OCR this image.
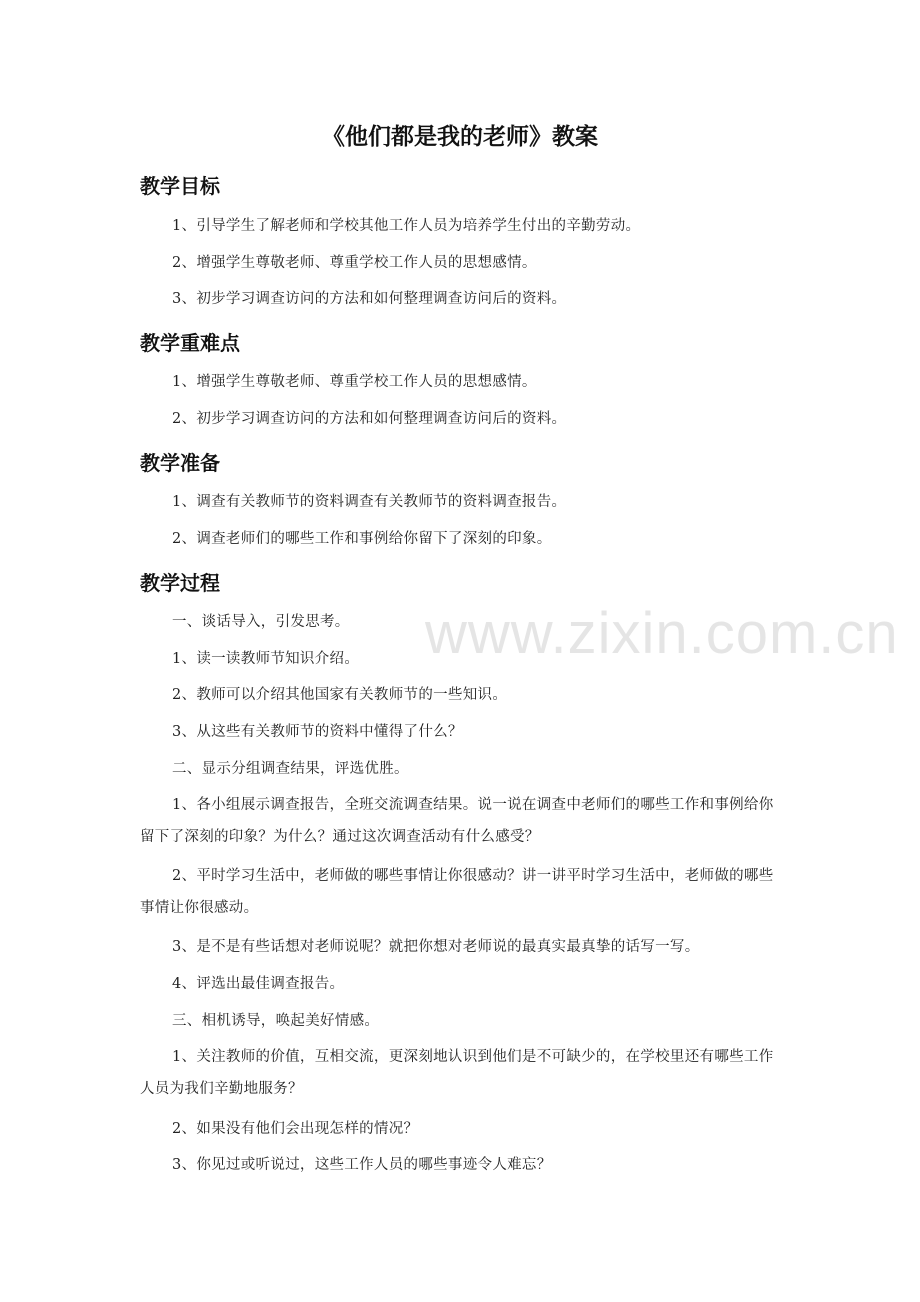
《他们都是我的老师》教案
www.zixin.com.cn
教学目标

1、引导学生了解老师和学校其他工作人员为培养学生付出的辛勤劳动。

2、增强学生尊敬老师、尊重学校工作人员的思想感情。

3、初步学习调查访问的方法和如何整理调查访问后的资料。

教学重难点

1、增强学生尊敬老师、尊重学校工作人员的思想感情。

2、初步学习调查访问的方法和如何整理调查访问后的资料。

教学准备

1、调查有关教师节的资料调查有关教师节的资料调查报告。

2、调查老师们的哪些工作和事例给你留下了深刻的印象。

教学过程

一、谈话导入，引发思考。

1、读一读教师节知识介绍。

2、教师可以介绍其他国家有关教师节的一些知识。

3、从这些有关教师节的资料中懂得了什么？

二、显示分组调查结果，评选优胜。

1、各小组展示调查报告，全班交流调查结果。说一说在调查中老师们的哪些工作和事例给你留下了深刻的印象？为什么？通过这次调查活动有什么感受？

2、平时学习生活中，老师做的哪些事情让你很感动？讲一讲平时学习生活中，老师做的哪些事情让你很感动。

3、是不是有些话想对老师说呢？就把你想对老师说的最真实最真挚的话写一写。

4、评选出最佳调查报告。

三、相机诱导，唤起美好情感。

1、关注教师的价值，互相交流，更深刻地认识到他们是不可缺少的，在学校里还有哪些工作人员为我们辛勤地服务？

2、如果没有他们会出现怎样的情况？

3、你见过或听说过，这些工作人员的哪些事迹令人难忘？
